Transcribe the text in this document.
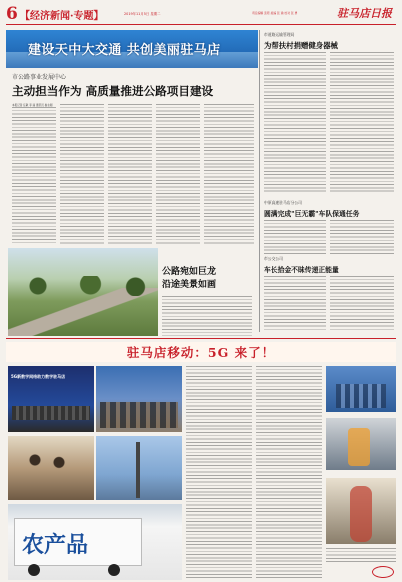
6 【经济新闻·专题】	2019年11月5日 星期二	责任编辑 张原 美编 张 瑜 校对 张 勇	驻马店日报
建设天中大交通 共创美丽驻马店
市公路事业发展中心
主动担当作为 高质量推进公路项目建设
本报记者 任敏 李 丽 通讯员 崔永刚
公路宛如巨龙
沿途美景如画
市道路运输管理局
为帮扶村捐赠健身器械
中原高速驻马店分公司
圆满完成"巨无霸"车队保通任务
市公交公司
车长拾金不昧传递正能量
驻马店移动：5G 来了！
5G新数字网络助力数字驻马店
农产品
